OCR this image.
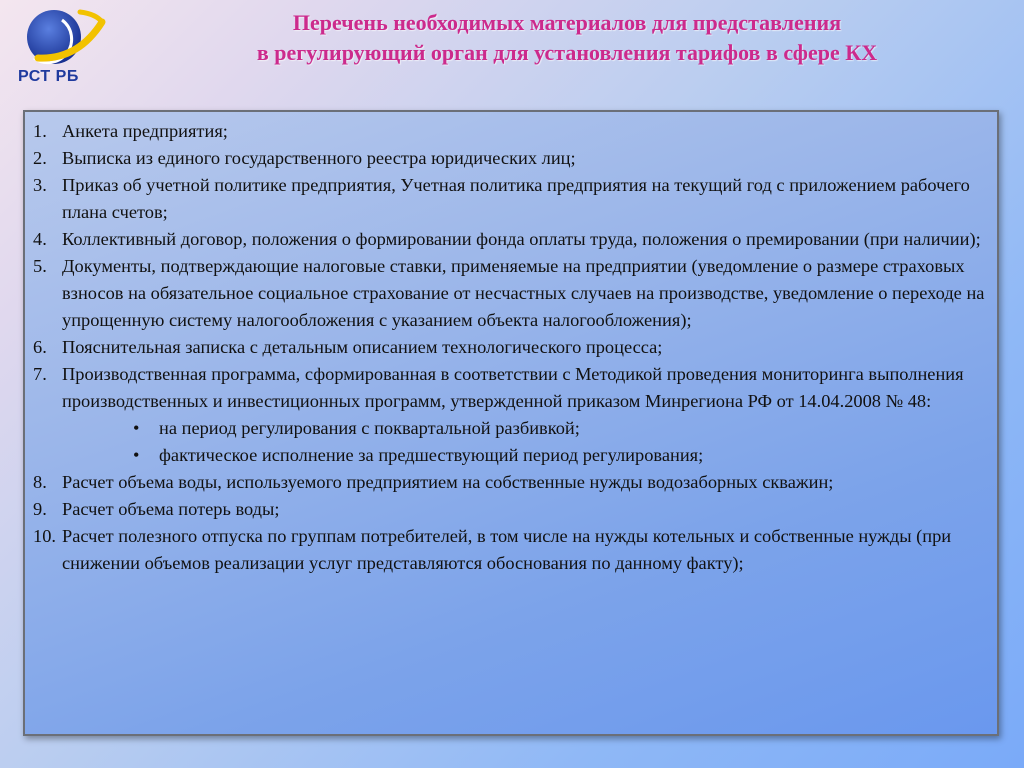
РСТ РБ
Перечень необходимых материалов для представления
в регулирующий орган для установления тарифов в сфере КХ
1. Анкета предприятия;
2. Выписка из единого государственного реестра юридических лиц;
3. Приказ об учетной политике предприятия, Учетная политика предприятия на текущий год с приложением рабочего плана счетов;
4. Коллективный договор, положения о формировании фонда оплаты труда, положения о премировании (при наличии);
5. Документы, подтверждающие налоговые ставки, применяемые на предприятии (уведомление о размере страховых взносов на обязательное социальное страхование от несчастных случаев на производстве, уведомление о переходе на упрощенную систему налогообложения с указанием объекта налогообложения);
6. Пояснительная записка с детальным описанием технологического процесса;
7. Производственная программа, сформированная в соответствии с Методикой проведения мониторинга выполнения производственных и инвестиционных программ, утвержденной приказом Минрегиона РФ от 14.04.2008 № 48:
•	на период регулирования с поквартальной разбивкой;
•	фактическое исполнение за предшествующий период регулирования;
8. Расчет объема воды, используемого предприятием на собственные нужды водозаборных скважин;
9. Расчет объема потерь воды;
10. Расчет полезного отпуска по группам потребителей, в том числе на нужды котельных и собственные нужды (при снижении объемов реализации услуг представляются обоснования по данному факту);
